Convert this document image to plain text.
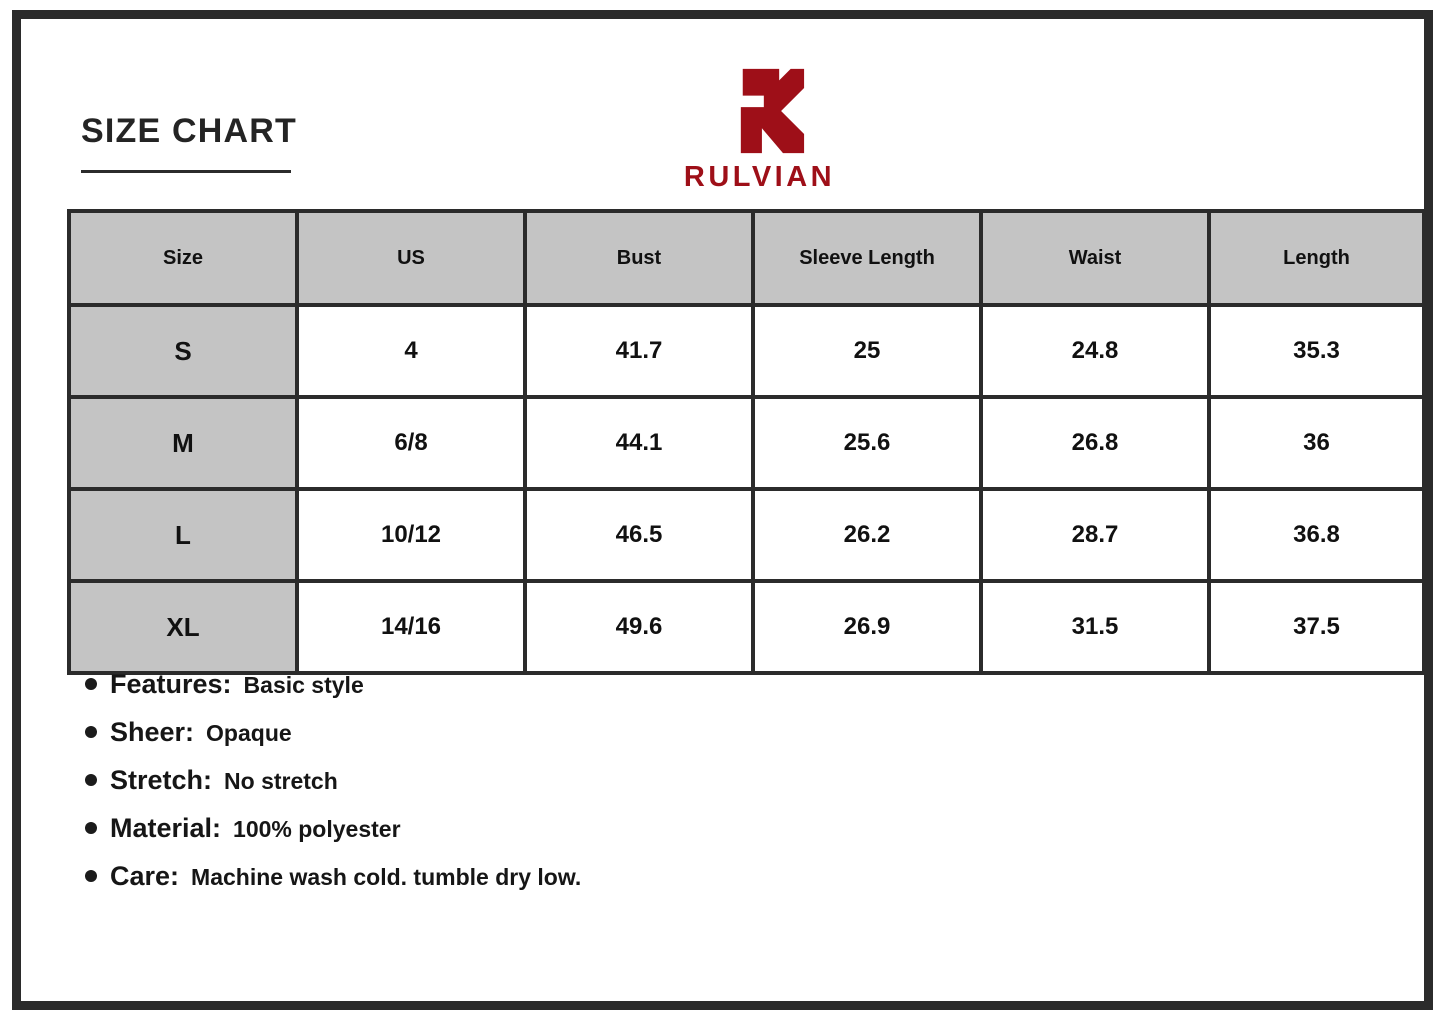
SIZE CHART
RULVIAN
Size	US	Bust	Sleeve Length	Waist	Length
S	4	41.7	25	24.8	35.3
M	6/8	44.1	25.6	26.8	36
L	10/12	46.5	26.2	28.7	36.8
XL	14/16	49.6	26.9	31.5	37.5
Features: Basic style
Sheer: Opaque
Stretch: No stretch
Material: 100% polyester
Care: Machine wash cold. tumble dry low.
